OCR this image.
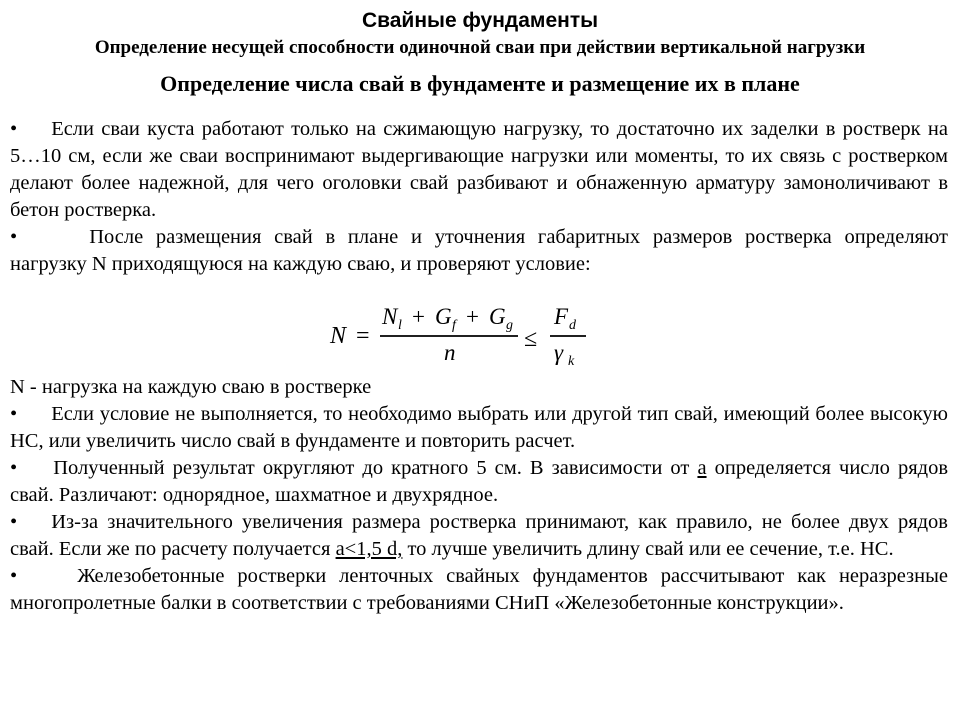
Свайные фундаменты
Определение несущей способности одиночной сваи при действии вертикальной нагрузки
Определение числа свай в фундаменте и размещение их в плане

• Если сваи куста работают только на сжимающую нагрузку, то достаточно их заделки в ростверк на 5…10 см, если же сваи воспринимают выдергивающие нагрузки или моменты, то их связь с ростверком делают более надежной, для чего оголовки свай разбивают и обнаженную арматуру замоноличивают в бетон ростверка.

•	После размещения свай в плане и уточнения габаритных размеров ростверка определяют нагрузку N приходящуюся на каждую сваю, и проверяют условие:

N =
N l + G f + G g
n
≤
F d
γ k

N - нагрузка на каждую сваю в ростверке

• Если условие не выполняется, то необходимо выбрать или другой тип свай, имеющий более высокую НС, или увеличить число свай в фундаменте и повторить расчет.

• Полученный результат округляют до кратного 5 см. В зависимости от а определяется число рядов свай. Различают: однорядное, шахматное и двухрядное.

• Из-за значительного увеличения размера ростверка принимают, как правило, не более двух рядов свай. Если же по расчету получается а<1,5 d, то лучше увеличить длину свай или ее сечение, т.е. НС.

•	Железобетонные ростверки ленточных свайных фундаментов рассчитывают как неразрезные многопролетные балки в соответствии с требованиями СНиП «Железобетонные конструкции».
